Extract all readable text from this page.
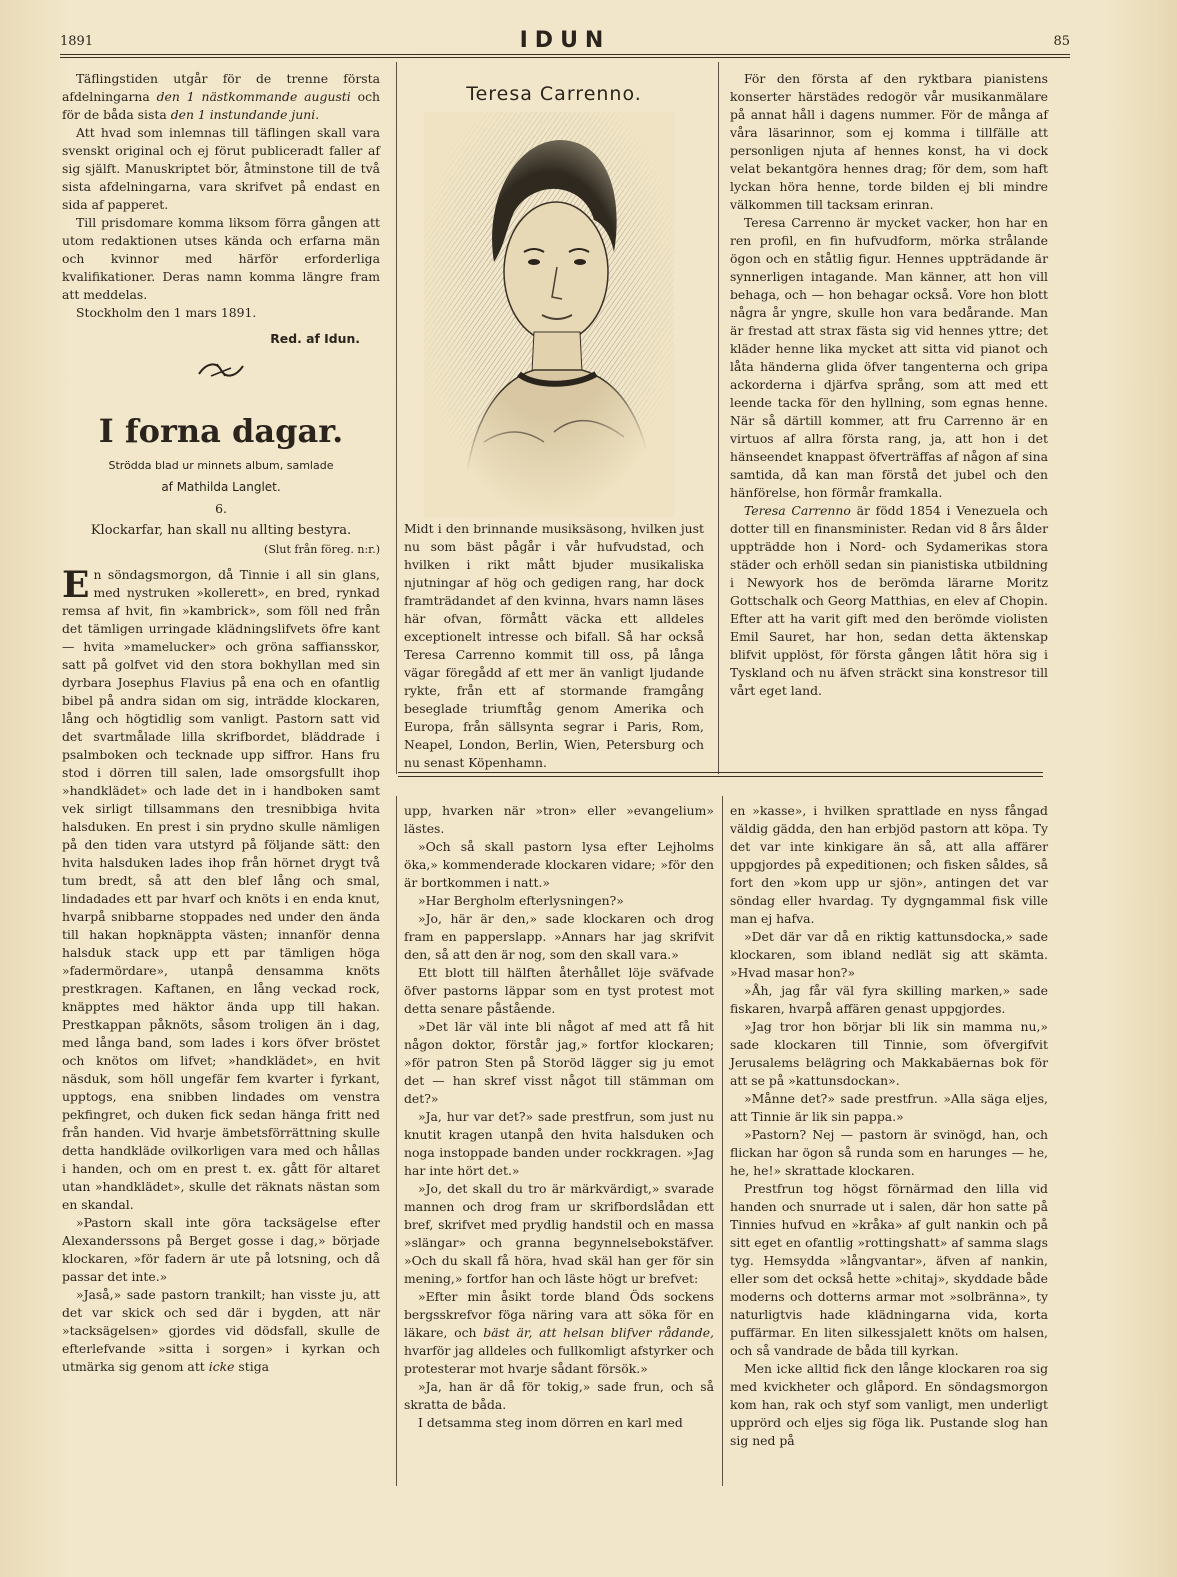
1891	IDUN	85

Täflingstiden utgår för de trenne första afdelningarna den 1 nästkommande augusti och för de båda sista den 1 instundande juni.

Att hvad som inlemnas till täflingen skall vara svenskt original och ej förut publiceradt faller af sig själft. Manuskriptet bör, åtminstone till de två sista afdelningarna, vara skrifvet på endast en sida af papperet.

Till prisdomare komma liksom förra gången att utom redaktionen utses kända och erfarna män och kvinnor med härför erforderliga kvalifikationer. Deras namn komma längre fram att meddelas.

Stockholm den 1 mars 1891.

Red. af Idun.
I forna dagar.
Strödda blad ur minnets album, samlade
af Mathilda Langlet.
6.
Klockarfar, han skall nu allting bestyra.
(Slut från föreg. n:r.)
E n söndagsmorgon, då Tinnie i all sin glans, med nystruken »kollerett», en bred, rynkad remsa af hvit, fin »kambrick», som föll ned från det tämligen urringade klädningslifvets öfre kant — hvita »mamelucker» och gröna saffiansskor, satt på golfvet vid den stora bokhyllan med sin dyrbara Josephus Flavius på ena och en ofantlig bibel på andra sidan om sig, inträdde klockaren, lång och högtidlig som vanligt. Pastorn satt vid det svartmålade lilla skrifbordet, bläddrade i psalmboken och tecknade upp siffror. Hans fru stod i dörren till salen, lade omsorgsfullt ihop »handklädet» och lade det in i handboken samt vek sirligt tillsammans den tresnibbiga hvita halsduken. En prest i sin prydno skulle nämligen på den tiden vara utstyrd på följande sätt: den hvita halsduken lades ihop från hörnet drygt två tum bredt, så att den blef lång och smal, lindadades ett par hvarf och knöts i en enda knut, hvarpå snibbarne stoppades ned under den ända till hakan hopknäppta västen; innanför denna halsduk stack upp ett par tämligen höga »fadermördare», utanpå densamma knöts prestkragen. Kaftanen, en lång veckad rock, knäpptes med häktor ända upp till hakan. Prestkappan påknöts, såsom troligen än i dag, med långa band, som lades i kors öfver bröstet och knötos om lifvet; »handklädet», en hvit näsduk, som höll ungefär fem kvarter i fyrkant, upptogs, ena snibben lindades om venstra pekfingret, och duken fick sedan hänga fritt ned från handen. Vid hvarje ämbetsförrättning skulle detta handkläde ovilkorligen vara med och hållas i handen, och om en prest t. ex. gått för altaret utan »handklädet», skulle det räknats nästan som en skandal.

»Pastorn skall inte göra tacksägelse efter Alexanderssons på Berget gosse i dag,» började klockaren, »för fadern är ute på lotsning, och då passar det inte.»

»Jaså,» sade pastorn trankilt; han visste ju, att det var skick och sed där i bygden, att när »tacksägelsen» gjordes vid dödsfall, skulle de efterlefvande »sitta i sorgen» i kyrkan och utmärka sig genom att icke stiga

Teresa Carrenno.

Midt i den brinnande musiksäsong, hvilken just nu som bäst pågår i vår hufvudstad, och hvilken i rikt mått bjuder musikaliska njutningar af hög och gedigen rang, har dock framträdandet af den kvinna, hvars namn läses här ofvan, förmått väcka ett alldeles exceptionelt intresse och bifall. Så har också Teresa Carrenno kommit till oss, på långa vägar föregådd af ett mer än vanligt ljudande rykte, från ett af stormande framgång beseglade triumftåg genom Amerika och Europa, från sällsynta segrar i Paris, Rom, Neapel, London, Berlin, Wien, Petersburg och nu senast Köpenhamn.

För den första af den ryktbara pianistens konserter härstädes redogör vår musikanmälare på annat håll i dagens nummer. För de många af våra läsarinnor, som ej komma i tillfälle att personligen njuta af hennes konst, ha vi dock velat bekantgöra hennes drag; för dem, som haft lyckan höra henne, torde bilden ej bli mindre välkommen till tacksam erinran.

Teresa Carrenno är mycket vacker, hon har en ren profil, en fin hufvudform, mörka strålande ögon och en ståtlig figur. Hennes uppträdande är synnerligen intagande. Man känner, att hon vill behaga, och — hon behagar också. Vore hon blott några år yngre, skulle hon vara bedårande. Man är frestad att strax fästa sig vid hennes yttre; det kläder henne lika mycket att sitta vid pianot och låta händerna glida öfver tangenterna och gripa ackorderna i djärfva språng, som att med ett leende tacka för den hyllning, som egnas henne. När så därtill kommer, att fru Carrenno är en virtuos af allra första rang, ja, att hon i det hänseendet knappast öfverträffas af någon af sina samtida, då kan man förstå det jubel och den hänförelse, hon förmår framkalla.

Teresa Carrenno är född 1854 i Venezuela och dotter till en finansminister. Redan vid 8 års ålder uppträdde hon i Nord- och Sydamerikas stora städer och erhöll sedan sin pianistiska utbildning i Newyork hos de berömda lärarne Moritz Gottschalk och Georg Matthias, en elev af Chopin. Efter att ha varit gift med den berömde violisten Emil Sauret, har hon, sedan detta äktenskap blifvit upplöst, för första gången låtit höra sig i Tyskland och nu äfven sträckt sina konstresor till vårt eget land.

upp, hvarken när »tron» eller »evangelium» lästes.

»Och så skall pastorn lysa efter Lejholms öka,» kommenderade klockaren vidare; »för den är bortkommen i natt.»

»Har Bergholm efterlysningen?»

»Jo, här är den,» sade klockaren och drog fram en papperslapp. »Annars har jag skrifvit den, så att den är nog, som den skall vara.»

Ett blott till hälften återhållet löje sväfvade öfver pastorns läppar som en tyst protest mot detta senare påstående.

»Det lär väl inte bli något af med att få hit någon doktor, förstår jag,» fortfor klockaren; »för patron Sten på Storöd lägger sig ju emot det — han skref visst något till stämman om det?»

»Ja, hur var det?» sade prestfrun, som just nu knutit kragen utanpå den hvita halsduken och noga instoppade banden under rockkragen. »Jag har inte hört det.»

»Jo, det skall du tro är märkvärdigt,» svarade mannen och drog fram ur skrifbordslådan ett bref, skrifvet med prydlig handstil och en massa »slängar» och granna begynnelsebokstäfver. »Och du skall få höra, hvad skäl han ger för sin mening,» fortfor han och läste högt ur brefvet:

»Efter min åsikt torde bland Öds sockens bergsskrefvor föga näring vara att söka för en läkare, och bäst är, att helsan blifver rådande, hvarför jag alldeles och fullkomligt afstyrker och protesterar mot hvarje sådant försök.»

»Ja, han är då för tokig,» sade frun, och så skratta de båda.

I detsamma steg inom dörren en karl med

en »kasse», i hvilken sprattlade en nyss fångad väldig gädda, den han erbjöd pastorn att köpa. Ty det var inte kinkigare än så, att alla affärer uppgjordes på expeditionen; och fisken såldes, så fort den »kom upp ur sjön», antingen det var söndag eller hvardag. Ty dygngammal fisk ville man ej hafva.

»Det där var då en riktig kattunsdocka,» sade klockaren, som ibland nedlät sig att skämta. »Hvad masar hon?»

»Åh, jag får väl fyra skilling marken,» sade fiskaren, hvarpå affären genast uppgjordes.

»Jag tror hon börjar bli lik sin mamma nu,» sade klockaren till Tinnie, som öfvergifvit Jerusalems belägring och Makkabäernas bok för att se på »kattunsdockan».

»Månne det?» sade prestfrun. »Alla säga eljes, att Tinnie är lik sin pappa.»

»Pastorn? Nej — pastorn är svinögd, han, och flickan har ögon så runda som en harunges — he, he, he!» skrattade klockaren.

Prestfrun tog högst förnärmad den lilla vid handen och snurrade ut i salen, där hon satte på Tinnies hufvud en »kråka» af gult nankin och på sitt eget en ofantlig »rottingshatt» af samma slags tyg. Hemsydda »långvantar», äfven af nankin, eller som det också hette »chitaj», skyddade både moderns och dotterns armar mot »solbränna», ty naturligtvis hade klädningarna vida, korta puffärmar. En liten silkessjalett knöts om halsen, och så vandrade de båda till kyrkan.

Men icke alltid fick den långe klockaren roa sig med kvickheter och glåpord. En söndagsmorgon kom han, rak och styf som vanligt, men underligt upprörd och eljes sig föga lik. Pustande slog han sig ned på
